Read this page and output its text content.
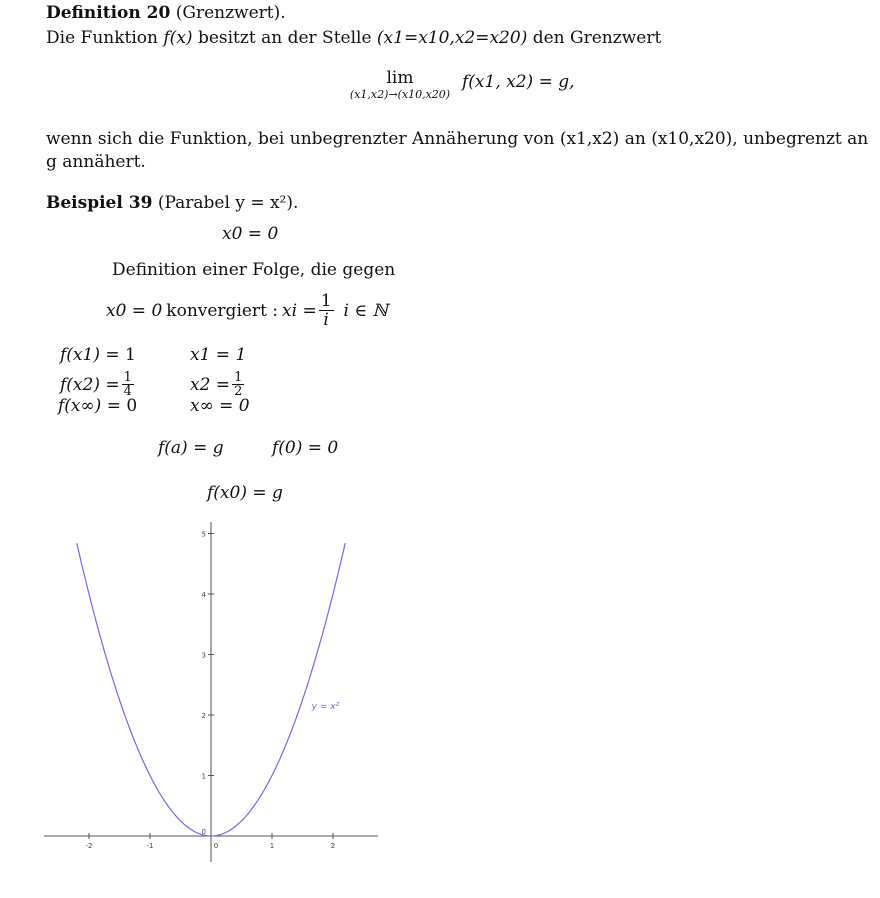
Definition 20 (Grenzwert).
Die Funktion f(x) besitzt an der Stelle (x1=x10,x2=x20) den Grenzwert
lim
(x1,x2)→(x10,x20)
f(x1, x2) = g,
wenn sich die Funktion, bei unbegrenzter Annäherung von (x1,x2) an (x10,x20), unbegrenzt an
g annähert.
Beispiel 39 (Parabel y = x²).
x0 = 0
Definition einer Folge, die gegen
x0 = 0 konvergiert : xi = $\frac{1}{i}$ i ∈ ℕ
f(x1) = 1	x1 = 1
$f(x2) = \frac{1}{4}$	$x2 = \frac{1}{2}$
f(x∞) = 0	x∞ = 0
f(a) = g	f(0) = 0
f(x0) = g
-2	-1	0	1	2
0
1
2
3
4
5
y = x²
